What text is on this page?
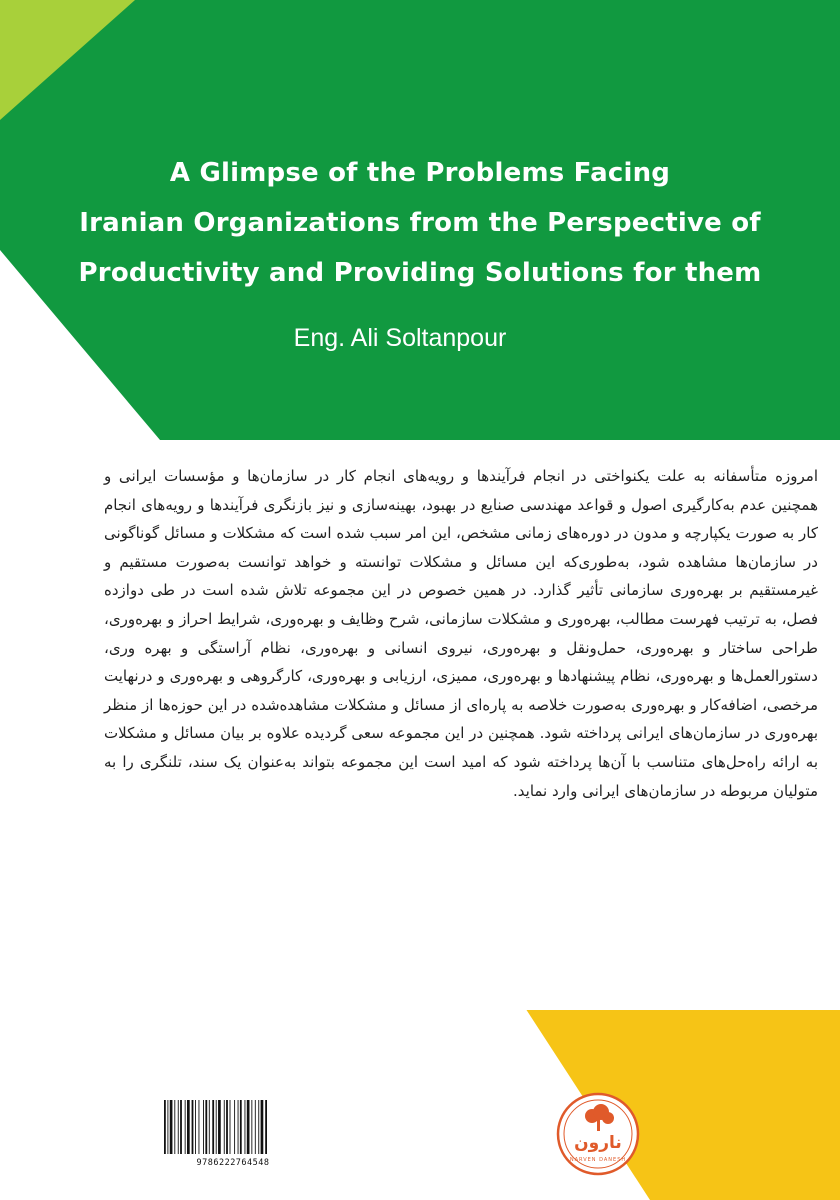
A Glimpse of the Problems Facing
Iranian Organizations from the Perspective of
Productivity and Providing Solutions for them
Eng. Ali Soltanpour

امروزه متأسفانه به علت یکنواختی در انجام فرآیندها و رویه‌های انجام کار در سازمان‌ها و مؤسسات ایرانی و همچنین عدم به‌کارگیری اصول و قواعد مهندسی صنایع در بهبود، بهینه‌سازی و نیز بازنگری فرآیندها و رویه‌های انجام کار به صورت یکپارچه و مدون در دوره‌های زمانی مشخص، این امر سبب شده است که مشکلات و مسائل گوناگونی در سازمان‌ها مشاهده شود، به‌طوری‌که این مسائل و مشکلات توانسته و خواهد توانست به‌صورت مستقیم و غیرمستقیم بر بهره‌وری سازمانی تأثیر گذارد. در همین خصوص در این مجموعه تلاش شده است در طی دوازده فصل، به ترتیب فهرست مطالب، بهره‌وری و مشکلات سازمانی، شرح وظایف و بهره‌وری، شرایط احراز و بهره‌وری، طراحی ساختار و بهره‌وری، حمل‌ونقل و بهره‌وری، نیروی انسانی و بهره‌وری، نظام آراستگی و بهره وری، دستورالعمل‌ها و بهره‌وری، نظام پیشنهادها و بهره‌وری، ممیزی، ارزیابی و بهره‌وری، کارگروهی و بهره‌وری و درنهایت مرخصی، اضافه‌کار و بهره‌وری به‌صورت خلاصه به پاره‌ای از مسائل و مشکلات مشاهده‌شده در این حوزه‌ها از منظر بهره‌وری در سازمان‌های ایرانی پرداخته شود. همچنین در این مجموعه سعی گردیده علاوه بر بیان مسائل و مشکلات به ارائه راه‌حل‌های متناسب با آن‌ها پرداخته شود که امید است این مجموعه بتواند به‌عنوان یک سند، تلنگری را به متولیان مربوطه در سازمان‌های ایرانی وارد نماید.

9786222764548
نارون
NARVEN DANESH
